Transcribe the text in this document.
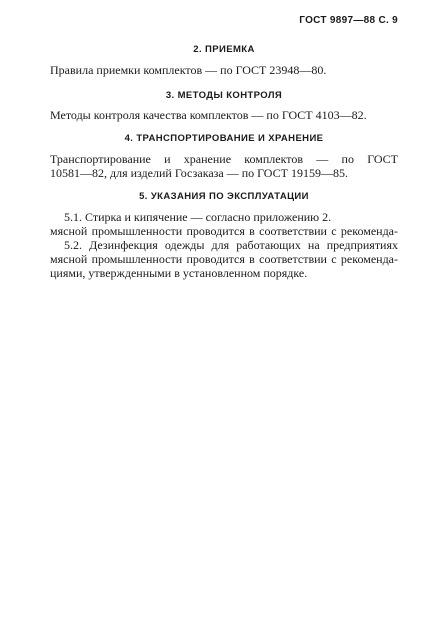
ГОСТ 9897—88 С. 9
2. ПРИЕМКА
Правила приемки комплектов — по ГОСТ 23948—80.
3. МЕТОДЫ КОНТРОЛЯ
Методы контроля качества комплектов — по ГОСТ 4103—82.
4. ТРАНСПОРТИРОВАНИЕ И ХРАНЕНИЕ
Транспортирование и хранение комплектов — по ГОСТ
10581—82, для изделий Госзаказа — по ГОСТ 19159—85.
5. УКАЗАНИЯ ПО ЭКСПЛУАТАЦИИ
5.1. Стирка и кипячение — согласно приложению 2.
мясной промышленности проводится в соответствии с рекоменда-
5.2. Дезинфекция одежды для работающих на предприятиях
мясной промышленности проводится в соответствии с рекоменда-
циями, утвержденными в установленном порядке.
